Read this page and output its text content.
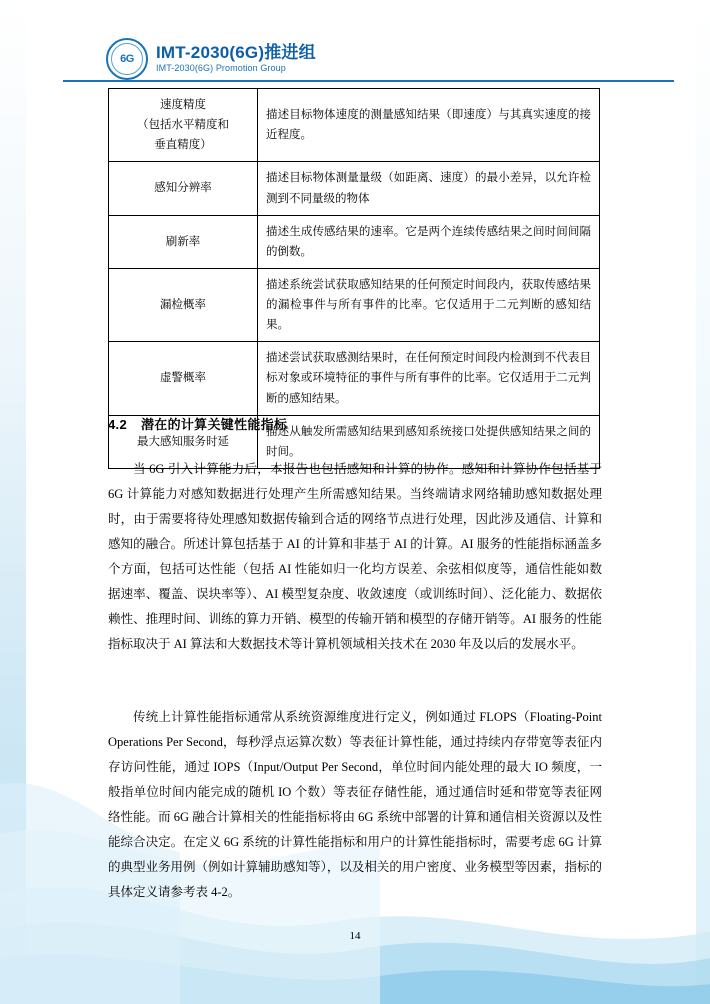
6G IMT-2030(6G)推进组
IMT-2030(6G) Promotion Group
速度精度
（包括水平精度和
垂直精度）	描述目标物体速度的测量感知结果（即速度）与其真实速度的接近程度。
感知分辨率	描述目标物体测量量级（如距离、速度）的最小差异，以允许检测到不同量级的物体
刷新率	描述生成传感结果的速率。它是两个连续传感结果之间时间间隔的倒数。
漏检概率	描述系统尝试获取感知结果的任何预定时间段内，获取传感结果的漏检事件与所有事件的比率。它仅适用于二元判断的感知结果。
虚警概率	描述尝试获取感测结果时，在任何预定时间段内检测到不代表目标对象或环境特征的事件与所有事件的比率。它仅适用于二元判断的感知结果。
最大感知服务时延	描述从触发所需感知结果到感知系统接口处提供感知结果之间的时间。
4.2 潜在的计算关键性能指标

当 6G 引入计算能力后，本报告也包括感知和计算的协作。感知和计算协作包括基于 6G 计算能力对感知数据进行处理产生所需感知结果。当终端请求网络辅助感知数据处理时，由于需要将待处理感知数据传输到合适的网络节点进行处理，因此涉及通信、计算和感知的融合。所述计算包括基于 AI 的计算和非基于 AI 的计算。AI 服务的性能指标涵盖多个方面，包括可达性能（包括 AI 性能如归一化均方误差、余弦相似度等，通信性能如数据速率、覆盖、误块率等）、AI 模型复杂度、收敛速度（或训练时间）、泛化能力、数据依赖性、推理时间、训练的算力开销、模型的传输开销和模型的存储开销等。AI 服务的性能指标取决于 AI 算法和大数据技术等计算机领域相关技术在 2030 年及以后的发展水平。

传统上计算性能指标通常从系统资源维度进行定义，例如通过 FLOPS（Floating-Point Operations Per Second，每秒浮点运算次数）等表征计算性能，通过持续内存带宽等表征内存访问性能，通过 IOPS（Input/Output Per Second，单位时间内能处理的最大 IO 频度，一般指单位时间内能完成的随机 IO 个数）等表征存储性能，通过通信时延和带宽等表征网络性能。而 6G 融合计算相关的性能指标将由 6G 系统中部署的计算和通信相关资源以及性能综合决定。在定义 6G 系统的计算性能指标和用户的计算性能指标时，需要考虑 6G 计算的典型业务用例（例如计算辅助感知等），以及相关的用户密度、业务模型等因素，指标的具体定义请参考表 4-2。

14
